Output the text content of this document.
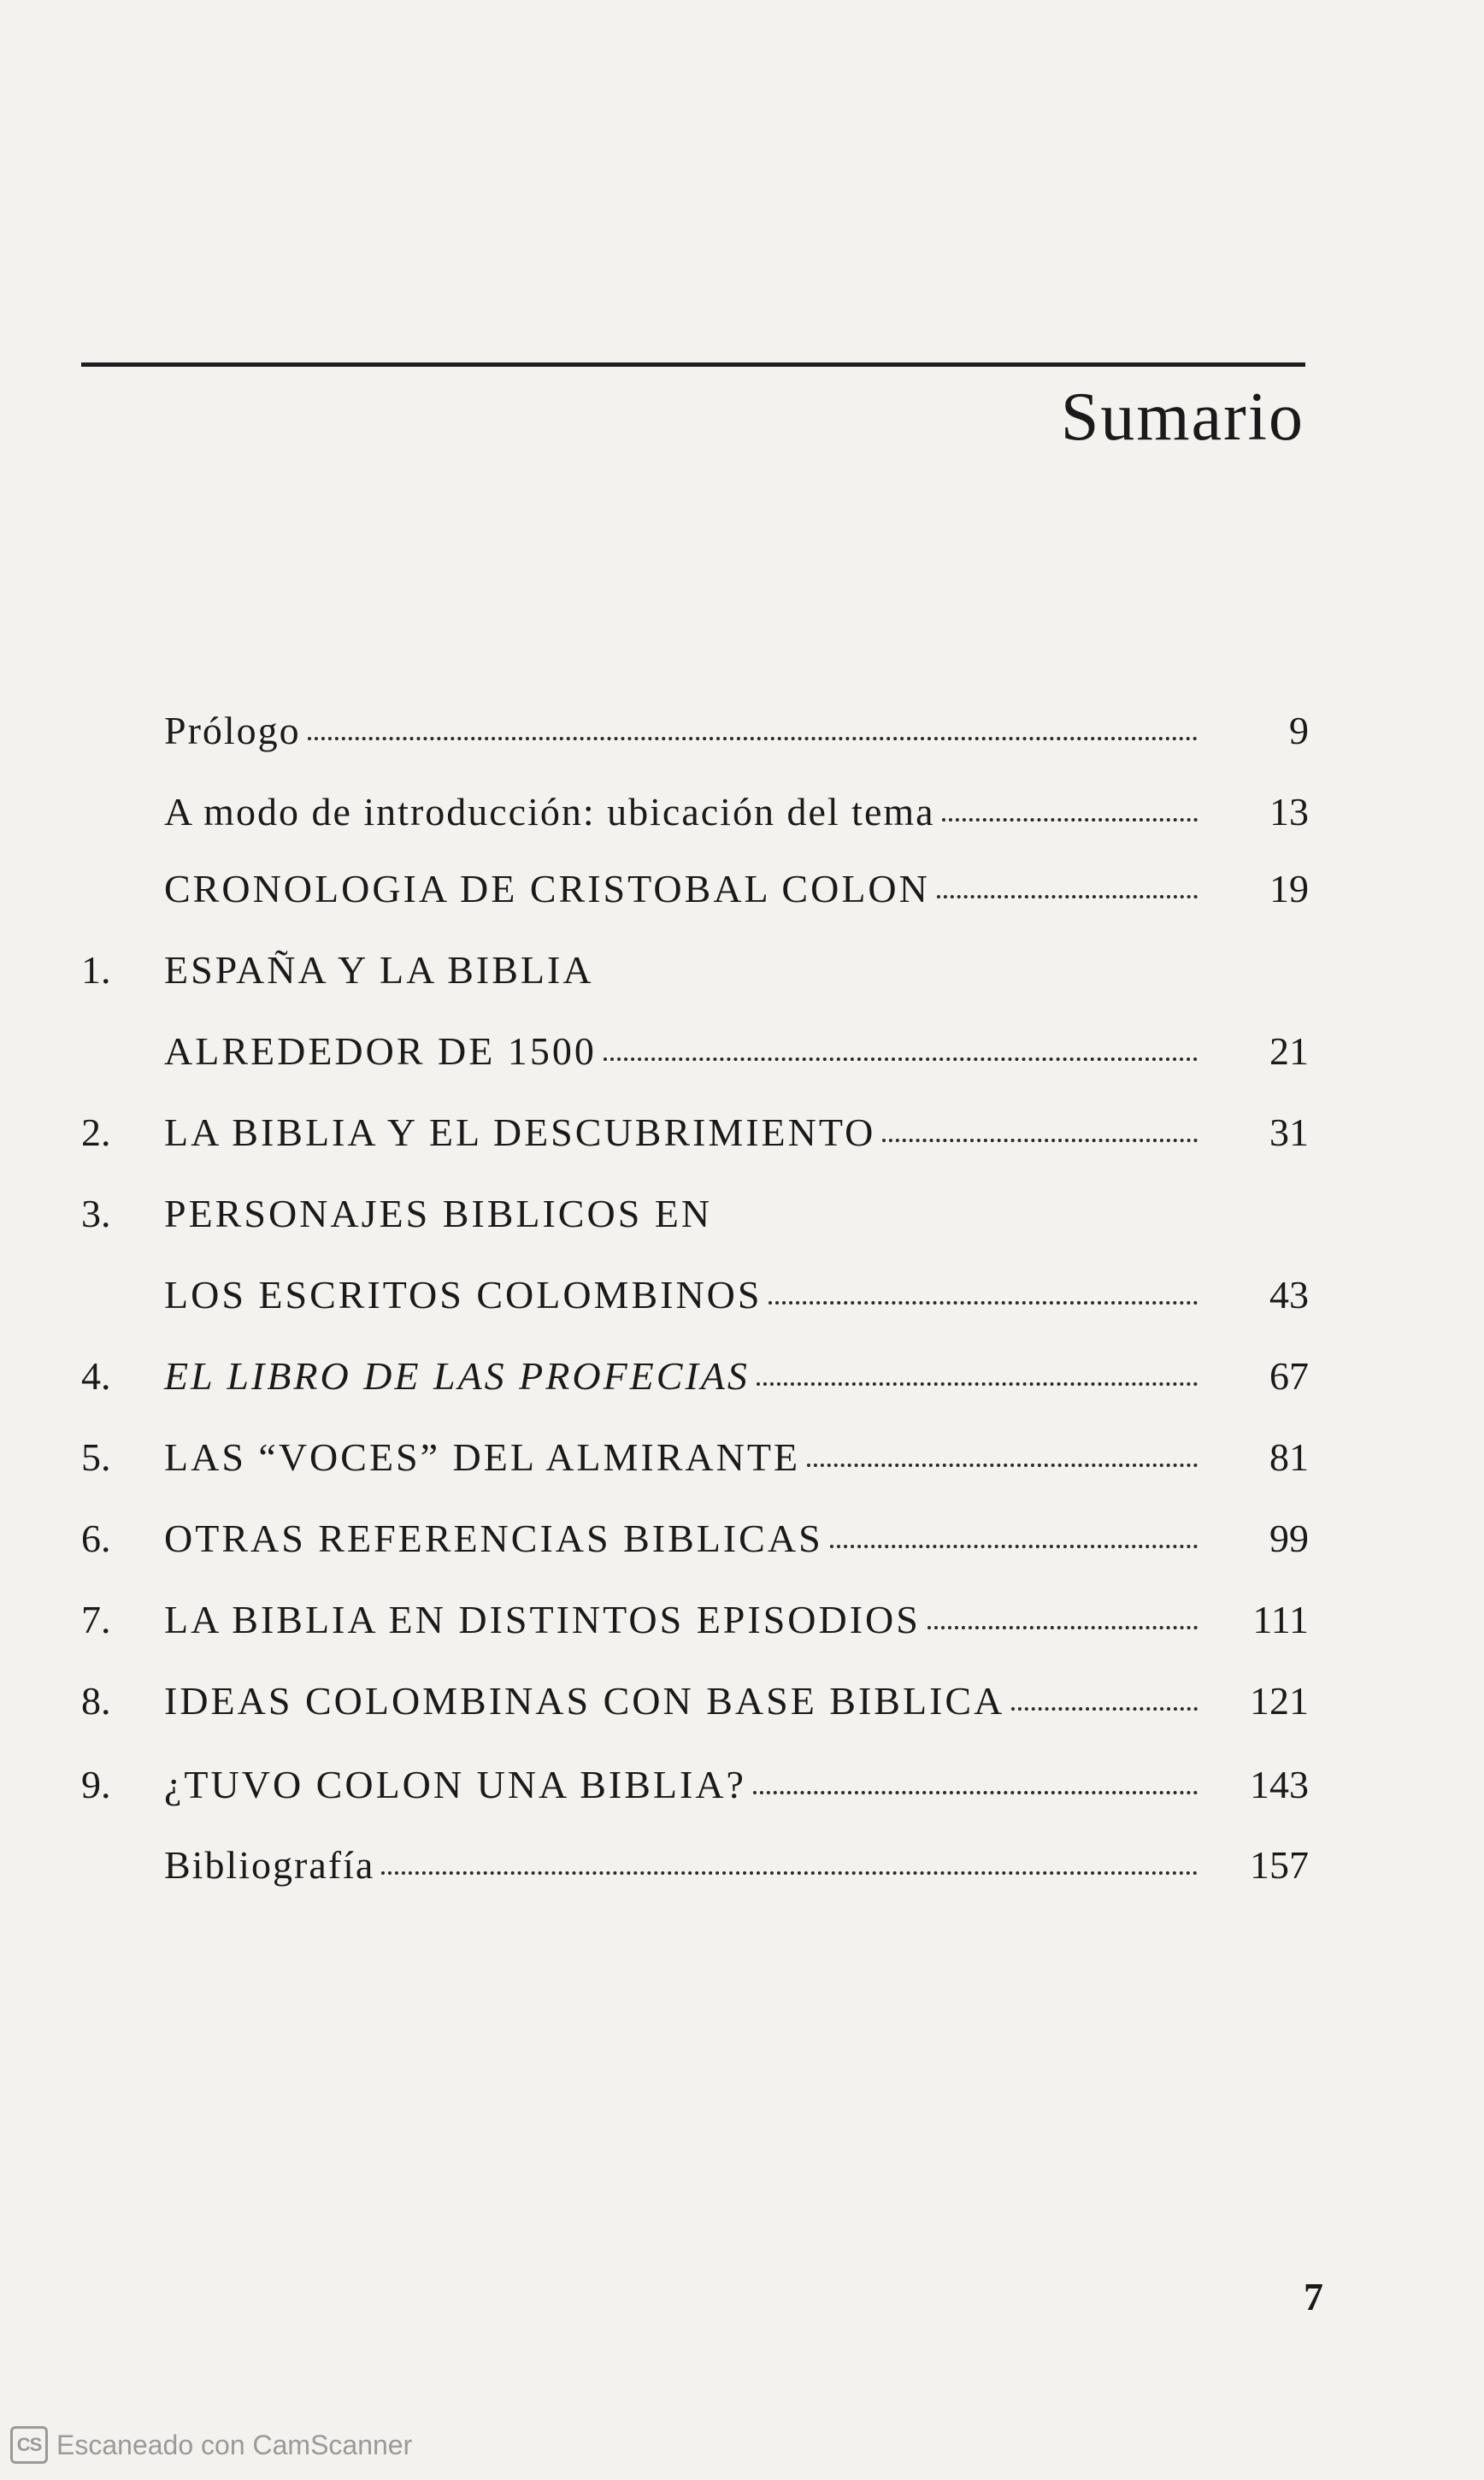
Sumario
Prólogo	9
A modo de introducción: ubicación del tema	13
CRONOLOGIA DE CRISTOBAL COLON	19
1. ESPAÑA Y LA BIBLIA
ALREDEDOR DE 1500	21
2. LA BIBLIA Y EL DESCUBRIMIENTO	31
3. PERSONAJES BIBLICOS EN
LOS ESCRITOS COLOMBINOS	43
4. EL LIBRO DE LAS PROFECIAS	67
5. LAS “VOCES” DEL ALMIRANTE	81
6. OTRAS REFERENCIAS BIBLICAS	99
7. LA BIBLIA EN DISTINTOS EPISODIOS	111
8. IDEAS COLOMBINAS CON BASE BIBLICA	121
9. ¿TUVO COLON UNA BIBLIA?	143
Bibliografía	157
7
CS Escaneado con CamScanner
